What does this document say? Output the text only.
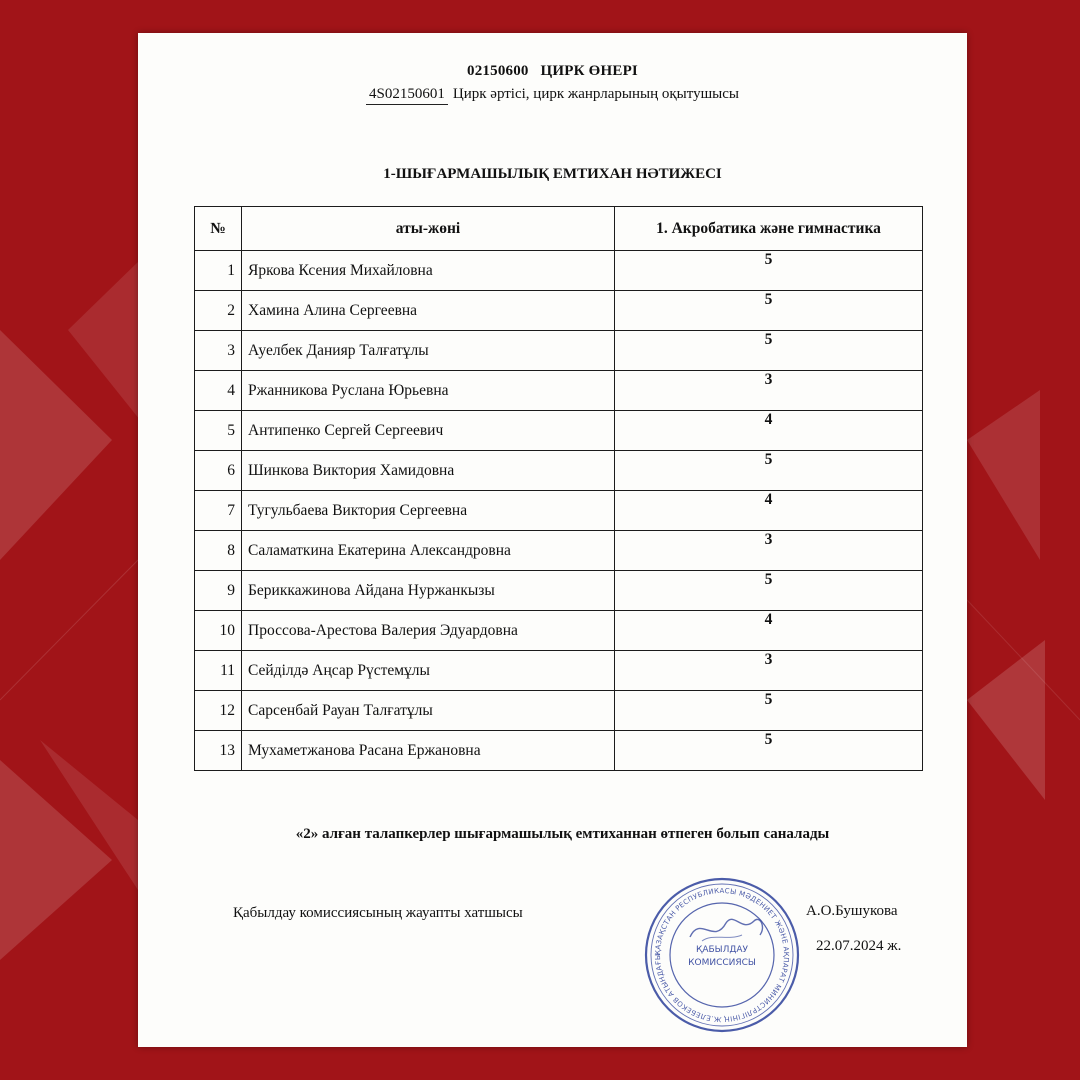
02150600 ЦИРК ӨНЕРІ
4S02150601 Цирк әртісі, цирк жанрларының оқытушысы
1-ШЫҒАРМАШЫЛЫҚ ЕМТИХАН НӘТИЖЕСІ
№	аты-жөні	1. Акробатика және гимнастика
1	Яркова Ксения Михайловна	5
2	Хамина Алина Сергеевна	5
3	Ауелбек Данияр Талғатұлы	5
4	Ржанникова Руслана Юрьевна	3
5	Антипенко Сергей Сергеевич	4
6	Шинкова Виктория Хамидовна	5
7	Тугульбаева Виктория Сергеевна	4
8	Саламаткина Екатерина Александровна	3
9	Бериккажинова Айдана Нуржанкызы	5
10	Проссова-Арестова Валерия Эдуардовна	4
11	Сейділдә Аңсар Рүстемұлы	3
12	Сарсенбай Рауан Талғатұлы	5
13	Мухаметжанова Расана Ержановна	5
«2» алған талапкерлер шығармашылық емтиханнан өтпеген болып саналады
Қабылдау комиссиясының жауапты хатшысы	А.О.Бушукова
22.07.2024 ж.
ҚАЗАҚСТАН РЕСПУБЛИКАСЫ МӘДЕНИЕТ ЖӘНЕ АҚПАРАТ МИНИСТРЛІГІНІҢ Ж.ЕЛЕБЕКОВ АТЫНДАҒЫ
ҚАБЫЛДАУ
КОМИССИЯСЫ
